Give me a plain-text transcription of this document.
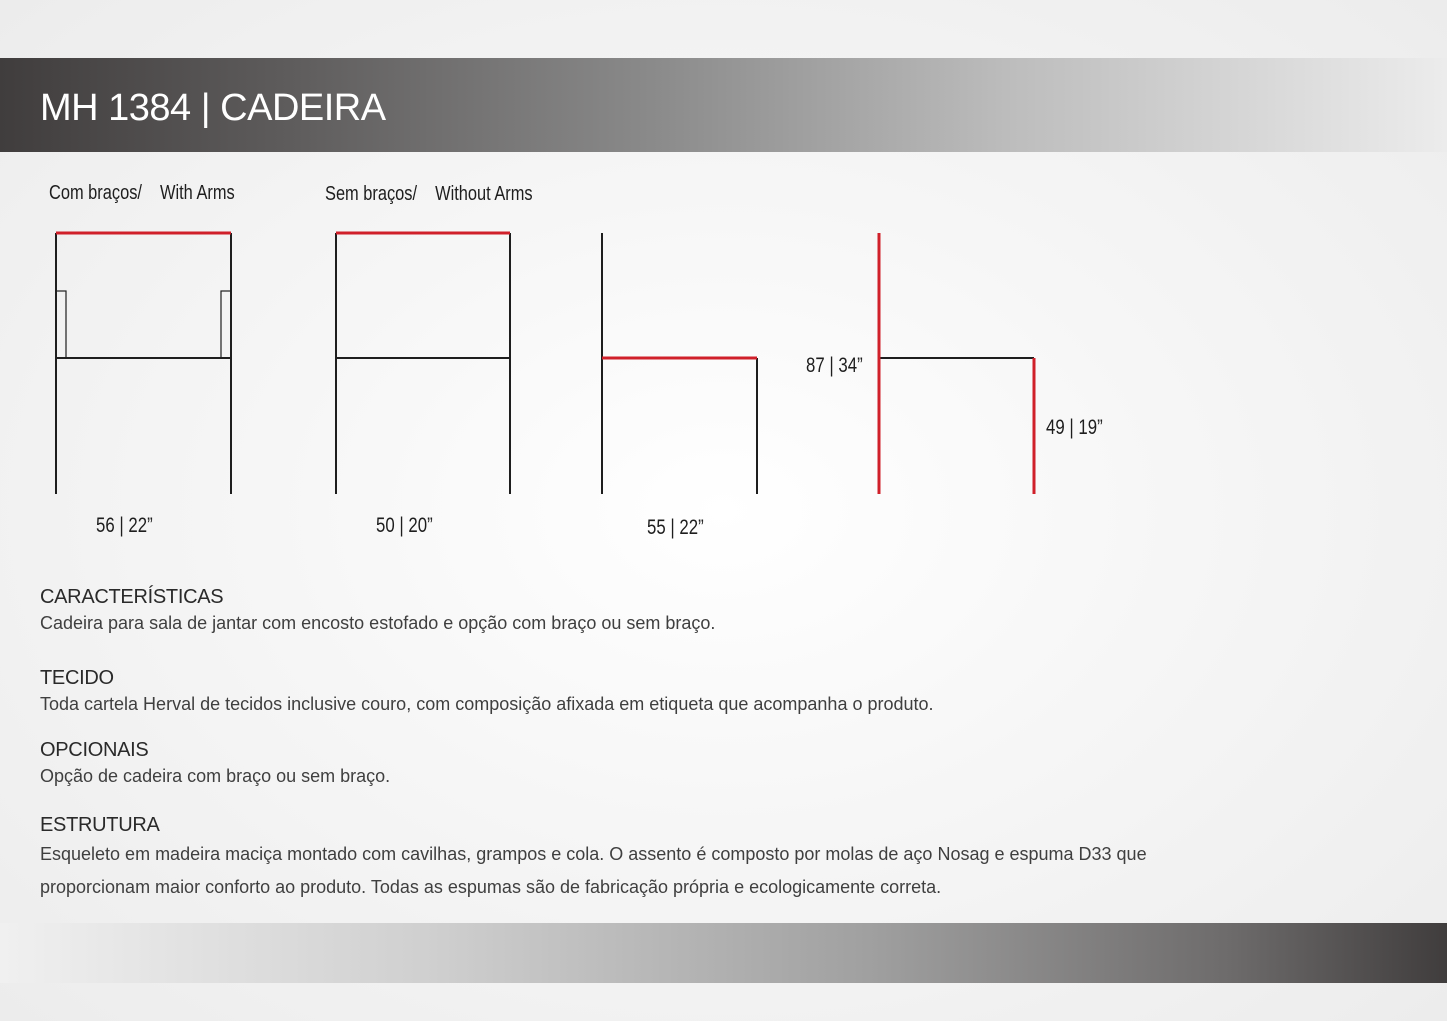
MH 1384 | CADEIRA
Com braços/ With Arms	Sem braços/ Without Arms
56 | 22”	50 | 20”	55 | 22”
87 | 34”
49 | 19”
CARACTERÍSTICAS

Cadeira para sala de jantar com encosto estofado e opção com braço ou sem braço.

TECIDO

Toda cartela Herval de tecidos inclusive couro, com composição afixada em etiqueta que acompanha o produto.

OPCIONAIS

Opção de cadeira com braço ou sem braço.

ESTRUTURA

Esqueleto em madeira maciça montado com cavilhas, grampos e cola. O assento é composto por molas de aço Nosag e espuma D33 que proporcionam maior conforto ao produto. Todas as espumas são de fabricação própria e ecologicamente correta.
